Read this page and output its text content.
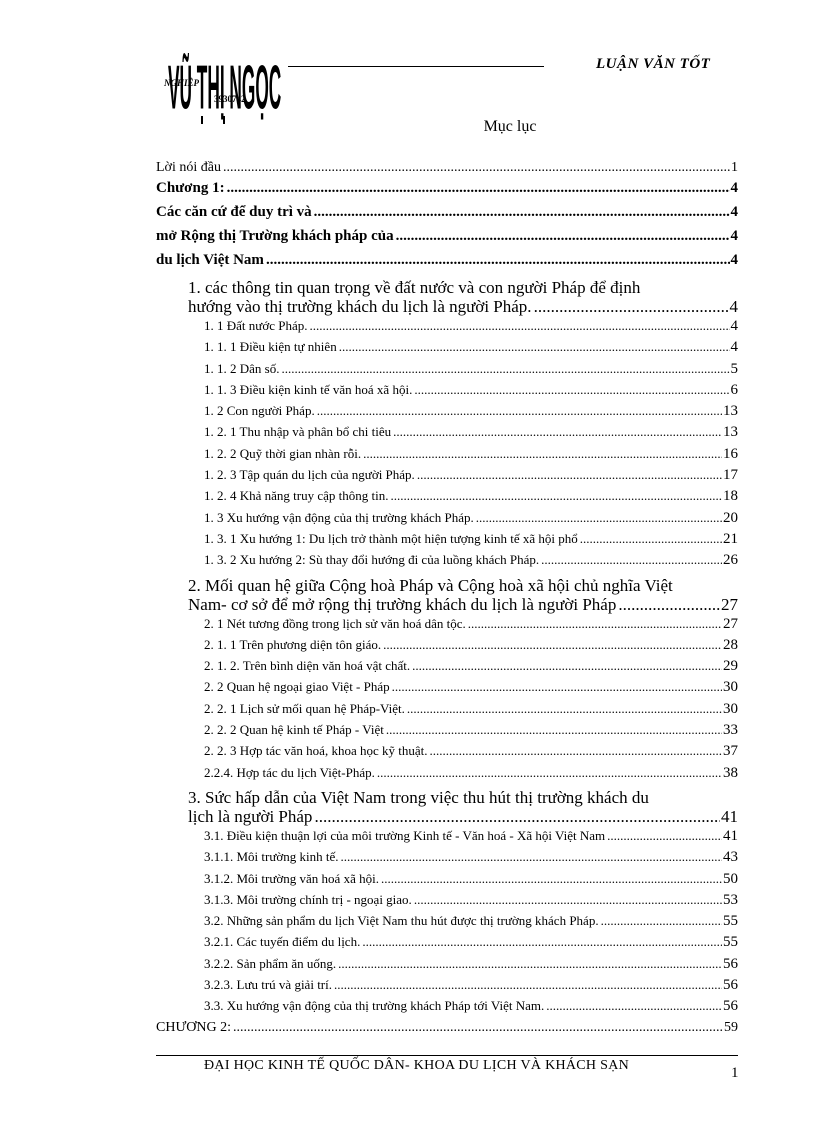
NGHIỆP
3930742
VŨ THỊ NGỌC	LUẬN VĂN TỐT
Mục lục
Lời nói đầu .....	1
Chương 1: .....	4
Các căn cứ để duy trì và .....	4
mở Rộng thị Trường khách pháp của .....	4
du lịch Việt Nam .....	4
1. các thông tin quan trọng về đất nước và con người Pháp để định
hướng vào thị trường khách du lịch là người Pháp. .....	4
1. 1 Đất nước Pháp. .....	4
1. 1. 1 Điều kiện tự nhiên .....	4
1. 1. 2 Dân số. .....	5
1. 1. 3 Điều kiện kinh tế văn hoá xã hội. .....	6
1. 2 Con người Pháp. .....	13
1. 2. 1 Thu nhập và phân bổ chi tiêu .....	13
1. 2. 2 Quỹ thời gian nhàn rỗi. .....	16
1. 2. 3 Tập quán du lịch của người Pháp. .....	17
1. 2. 4 Khả năng truy cập thông tin. .....	18
1. 3 Xu hướng vận động của thị trường khách Pháp. .....	20
1. 3. 1 Xu hướng 1: Du lịch trở thành một hiện tượng kinh tế xã hội phổ .....	21
1. 3. 2 Xu hướng 2: Sù thay đổi hướng đi của luồng khách Pháp. .....	26
2. Mối quan hệ giữa Cộng hoà Pháp và Cộng hoà xã hội chủ nghĩa Việt
Nam- cơ sở để mở rộng thị trường khách du lịch là người Pháp .....	27
2. 1 Nét tương đồng trong lịch sử văn hoá dân tộc. .....	27
2. 1. 1 Trên phương diện tôn giáo. .....	28
2. 1. 2. Trên bình diện văn hoá vật chất. .....	29
2. 2 Quan hệ ngoại giao Việt - Pháp .....	30
2. 2. 1 Lịch sử mối quan hệ Pháp-Việt. .....	30
2. 2. 2 Quan hệ kinh tế Pháp - Việt .....	33
2. 2. 3 Hợp tác văn hoá, khoa học kỹ thuật. .....	37
2.2.4. Hợp tác du lịch Việt-Pháp. .....	38
3. Sức hấp dẫn của Việt Nam trong việc thu hút thị trường khách du
lịch là người Pháp .....	41
3.1. Điều kiện thuận lợi của môi trường Kinh tế - Văn hoá - Xã hội Việt Nam .....	41
3.1.1. Môi trường kinh tế. .....	43
3.1.2. Môi trường văn hoá xã hội. .....	50
3.1.3. Môi trường chính trị - ngoại giao. .....	53
3.2. Những sản phẩm du lịch Việt Nam thu hút được thị trường khách Pháp. .....	55
3.2.1. Các tuyến điểm du lịch. .....	55
3.2.2. Sản phẩm ăn uống. .....	56
3.2.3. Lưu trú và giải trí. .....	56
3.3. Xu hướng vận động của thị trường khách Pháp tới Việt Nam. .....	56
CHƯƠNG 2: .....	59
ĐẠI HỌC KINH TẾ QUỐC DÂN- KHOA DU LỊCH VÀ KHÁCH SẠN	1
